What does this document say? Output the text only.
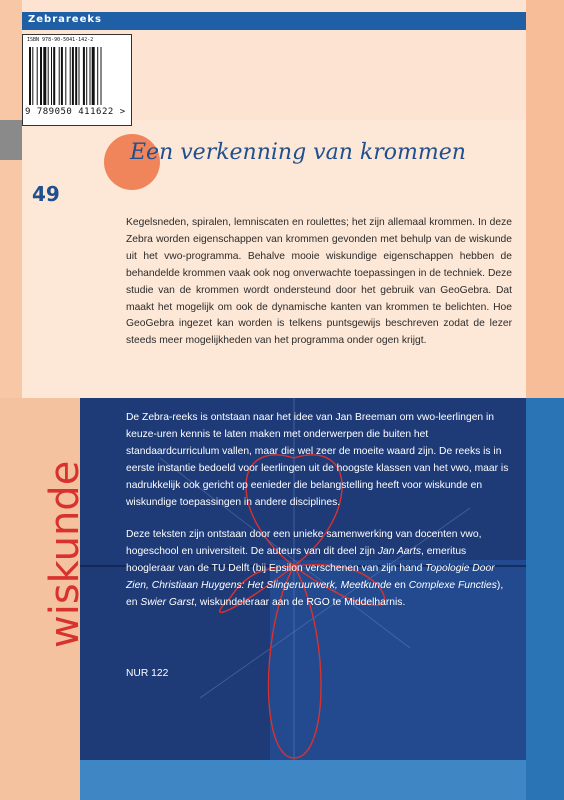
Zebrareeks
ISBN 978-90-5041-142-2
9 789050 411622 >
Een verkenning van krommen
49
Kegelsneden, spiralen, lemniscaten en roulettes; het zijn allemaal krommen. In deze Zebra worden eigenschappen van krommen gevonden met behulp van de wiskunde uit het vwo-programma. Behalve mooie wiskundige eigenschappen hebben de behandelde krommen vaak ook nog onverwachte toepassingen in de techniek. Deze studie van de krommen wordt ondersteund door het gebruik van GeoGebra. Dat maakt het mogelijk om ook de dynamische kanten van krommen te belichten. Hoe GeoGebra ingezet kan worden is telkens puntsgewijs beschreven zodat de lezer steeds meer mogelijkheden van het programma onder ogen krijgt.
wiskunde

De Zebra-reeks is ontstaan naar het idee van Jan Breeman om vwo-leerlingen in keuze-uren kennis te laten maken met onderwerpen die buiten het standaardcurriculum vallen, maar die wel zeer de moeite waard zijn. De reeks is in eerste instantie bedoeld voor leerlingen uit de hoogste klassen van het vwo, maar is nadrukkelijk ook gericht op eenieder die belangstelling heeft voor wiskunde en wiskundige toepassingen in andere disciplines.

Deze teksten zijn ontstaan door een unieke samenwerking van docenten vwo, hogeschool en universiteit. De auteurs van dit deel zijn Jan Aarts, emeritus hoogleraar van de TU Delft (bij Epsilon verschenen van zijn hand Topologie Door Zien, Christiaan Huygens: Het Slingeruurwerk, Meetkunde en Complexe Functies), en Swier Garst, wiskundeleraar aan de RGO te Middelharnis.

NUR 122
